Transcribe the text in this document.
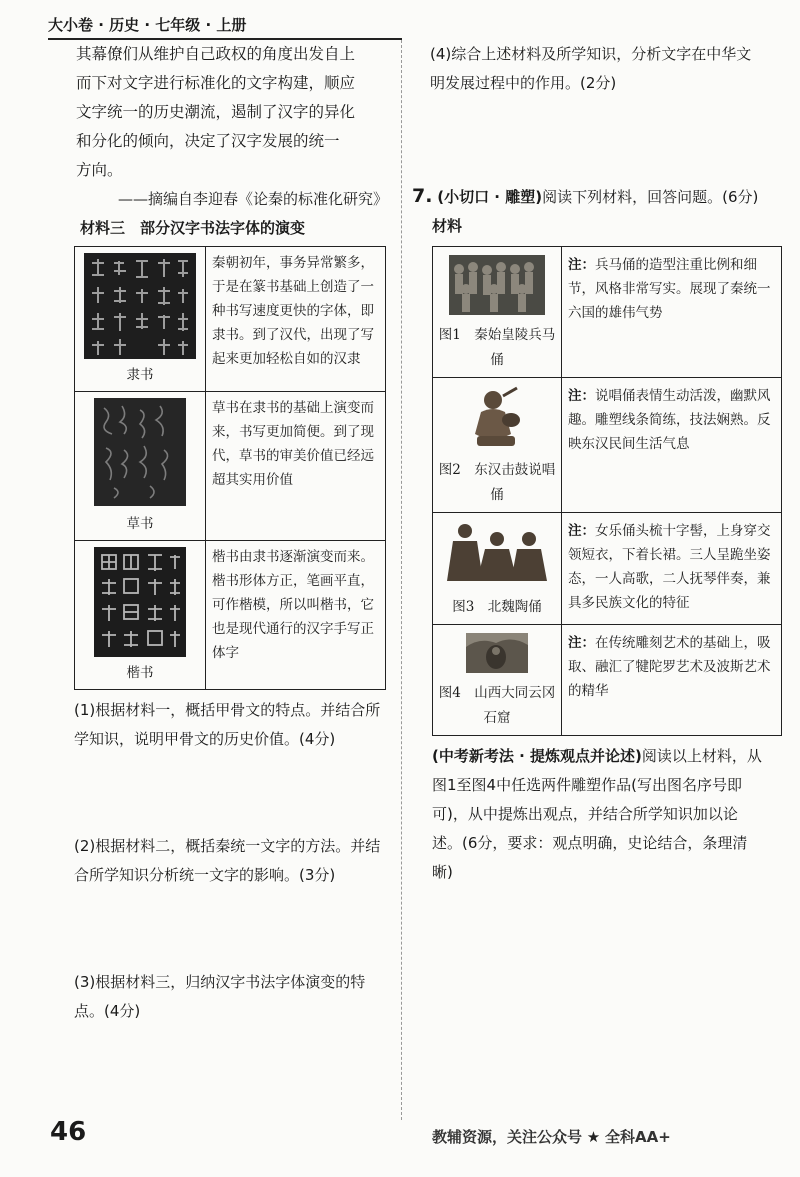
大小卷 · 历史 · 七年级 · 上册

其幕僚们从维护自己政权的角度出发自上

而下对文字进行标准化的文字构建，顺应

文字统一的历史潮流，遏制了汉字的异化

和分化的倾向，决定了汉字发展的统一

方向。

——摘编自李迎春《论秦的标准化研究》

材料三　部分汉字书法字体的演变

隶书	秦朝初年，事务异常繁多，于是在篆书基础上创造了一种书写速度更快的字体，即隶书。到了汉代，出现了写起来更加轻松自如的汉隶

草书	草书在隶书的基础上演变而来，书写更加简便。到了现代，草书的审美价值已经远超其实用价值

楷书	楷书由隶书逐渐演变而来。楷书形体方正，笔画平直，可作楷模，所以叫楷书，它也是现代通行的汉字手写正体字

(1)根据材料一，概括甲骨文的特点。并结合所学知识，说明甲骨文的历史价值。(4分)

(2)根据材料二，概括秦统一文字的方法。并结合所学知识分析统一文字的影响。(3分)

(3)根据材料三，归纳汉字书法字体演变的特点。(4分)

(4)综合上述材料及所学知识，分析文字在中华文明发展过程中的作用。(2分)

7. (小切口 · 雕塑)阅读下列材料，回答问题。(6分)

材料

图1　秦始皇陵兵马俑	注：兵马俑的造型注重比例和细节，风格非常写实。展现了秦统一六国的雄伟气势

图2　东汉击鼓说唱俑	注：说唱俑表情生动活泼，幽默风趣。雕塑线条简练，技法娴熟。反映东汉民间生活气息

图3　北魏陶俑	注：女乐俑头梳十字髻，上身穿交领短衣，下着长裙。三人呈跪坐姿态，一人高歌，二人抚琴伴奏，兼具多民族文化的特征

图4　山西大同云冈石窟	注：在传统雕刻艺术的基础上，吸取、融汇了犍陀罗艺术及波斯艺术的精华

(中考新考法 · 提炼观点并论述)阅读以上材料，从图1至图4中任选两件雕塑作品(写出图名序号即可)，从中提炼出观点，并结合所学知识加以论述。(6分，要求：观点明确，史论结合，条理清晰)

46	教辅资源，关注公众号 ★ 全科AA+
